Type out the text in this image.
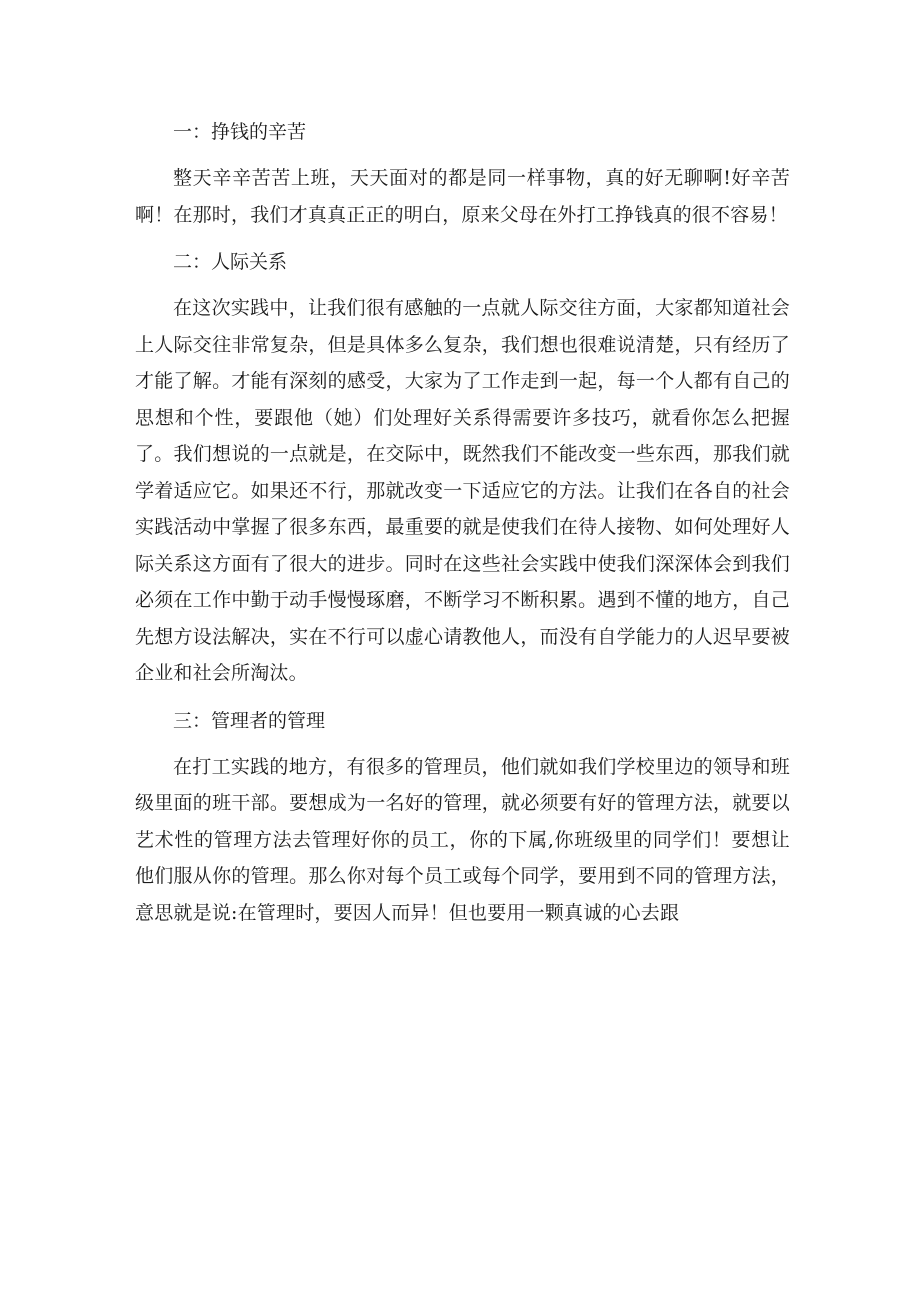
一：挣钱的辛苦

整天辛辛苦苦上班，天天面对的都是同一样事物，真的好无聊啊!好辛苦啊！在那时，我们才真真正正的明白，原来父母在外打工挣钱真的很不容易！

二：人际关系

在这次实践中，让我们很有感触的一点就人际交往方面，大家都知道社会上人际交往非常复杂，但是具体多么复杂，我们想也很难说清楚，只有经历了才能了解。才能有深刻的感受，大家为了工作走到一起，每一个人都有自己的思想和个性，要跟他（她）们处理好关系得需要许多技巧，就看你怎么把握了。我们想说的一点就是，在交际中，既然我们不能改变一些东西，那我们就学着适应它。如果还不行，那就改变一下适应它的方法。让我们在各自的社会实践活动中掌握了很多东西，最重要的就是使我们在待人接物、如何处理好人际关系这方面有了很大的进步。同时在这些社会实践中使我们深深体会到我们必须在工作中勤于动手慢慢琢磨，不断学习不断积累。遇到不懂的地方，自己先想方设法解决，实在不行可以虚心请教他人，而没有自学能力的人迟早要被企业和社会所淘汰。

三：管理者的管理

在打工实践的地方，有很多的管理员，他们就如我们学校里边的领导和班级里面的班干部。要想成为一名好的管理，就必须要有好的管理方法，就要以艺术性的管理方法去管理好你的员工，你的下属,你班级里的同学们！要想让他们服从你的管理。那么你对每个员工或每个同学，要用到不同的管理方法，意思就是说:在管理时，要因人而异！但也要用一颗真诚的心去跟
